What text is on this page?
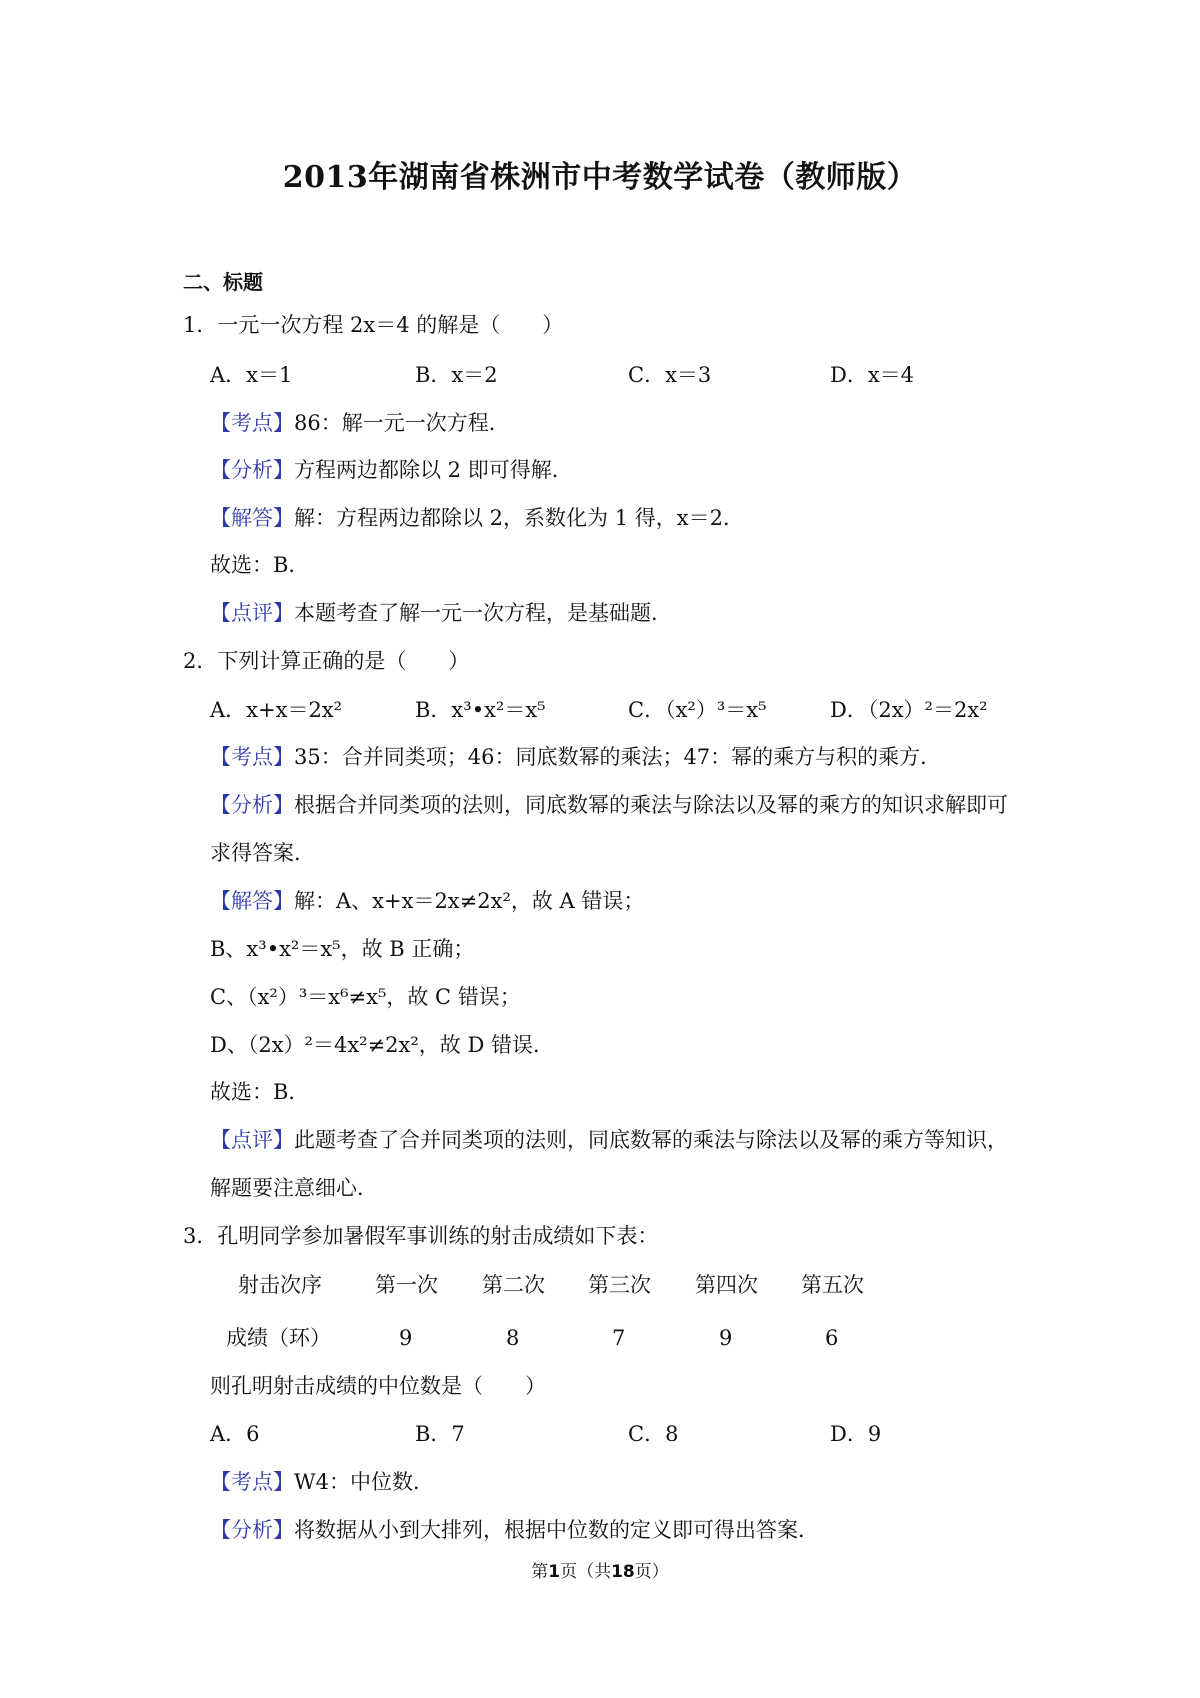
2013年湖南省株洲市中考数学试卷（教师版）
二、标题
1．一元一次方程 2x＝4 的解是（　　）
A．x＝1	B．x＝2	C．x＝3	D．x＝4
【考点】86：解一元一次方程．
【分析】方程两边都除以 2 即可得解．
【解答】解：方程两边都除以 2，系数化为 1 得，x＝2．
故选：B．
【点评】本题考查了解一元一次方程，是基础题．
2．下列计算正确的是（　　）
A．x+x＝2x²	B．x³•x²＝x⁵	C．（x²）³＝x⁵	D．（2x）²＝2x²
【考点】35：合并同类项；46：同底数幂的乘法；47：幂的乘方与积的乘方．
【分析】根据合并同类项的法则，同底数幂的乘法与除法以及幂的乘方的知识求解即可
求得答案．
【解答】解：A、x+x＝2x≠2x²，故 A 错误；
B、x³•x²＝x⁵，故 B 正确；
C、（x²）³＝x⁶≠x⁵，故 C 错误；
D、（2x）²＝4x²≠2x²，故 D 错误．
故选：B．
【点评】此题考查了合并同类项的法则，同底数幂的乘法与除法以及幂的乘方等知识，
解题要注意细心．
3．孔明同学参加暑假军事训练的射击成绩如下表：
射击次序	第一次 第二次 第三次 第四次 第五次
成绩（环）	9	8	7	9	6
则孔明射击成绩的中位数是（　　）
A．6	B．7	C．8	D．9
【考点】W4：中位数．
【分析】将数据从小到大排列，根据中位数的定义即可得出答案．
第1页（共18页）
